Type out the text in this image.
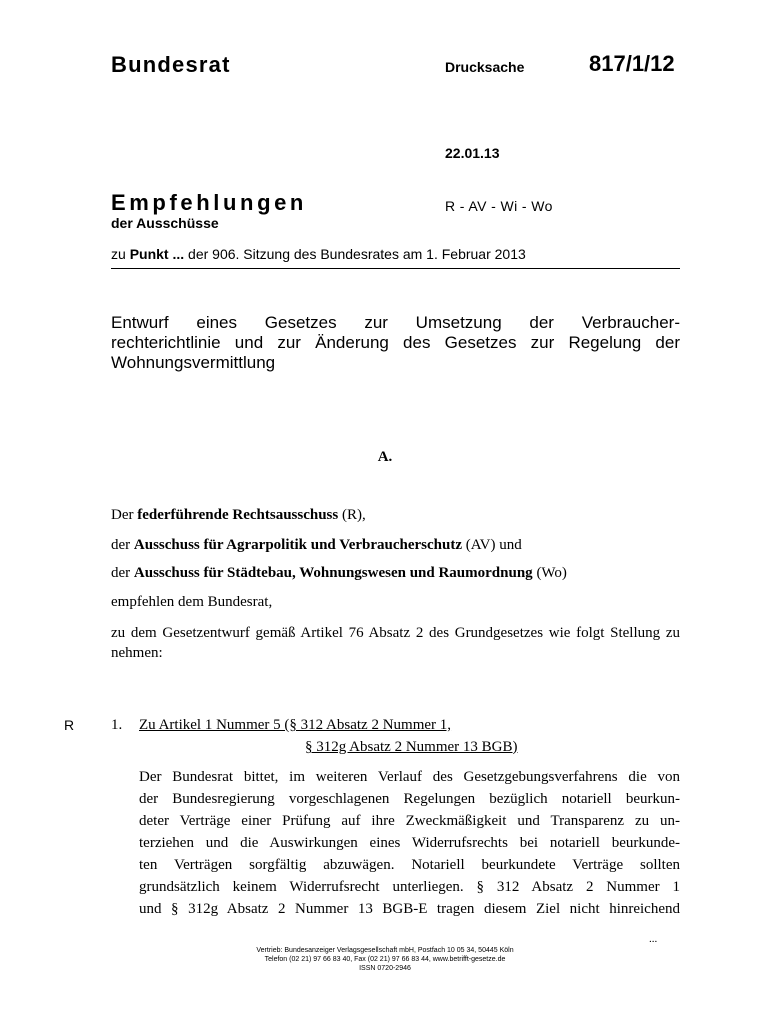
Bundesrat	Drucksache	817/1/12
22.01.13
Empfehlungen
der Ausschüsse
R - AV - Wi - Wo
zu Punkt ... der 906. Sitzung des Bundesrates am 1. Februar 2013
Entwurf eines Gesetzes zur Umsetzung der Verbraucher-
rechterichtlinie und zur Änderung des Gesetzes zur Regelung der
Wohnungsvermittlung
A.
Der federführende Rechtsausschuss (R),
der Ausschuss für Agrarpolitik und Verbraucherschutz (AV) und
der Ausschuss für Städtebau, Wohnungswesen und Raumordnung (Wo)
empfehlen dem Bundesrat,
zu dem Gesetzentwurf gemäß Artikel 76 Absatz 2 des Grundgesetzes wie folgt Stellung zu nehmen:
R 1. Zu Artikel 1 Nummer 5 (§ 312 Absatz 2 Nummer 1,
§ 312g Absatz 2 Nummer 13 BGB)
Der Bundesrat bittet, im weiteren Verlauf des Gesetzgebungsverfahrens die von
der Bundesregierung vorgeschlagenen Regelungen bezüglich notariell beurkun-
deter Verträge einer Prüfung auf ihre Zweckmäßigkeit und Transparenz zu un-
terziehen und die Auswirkungen eines Widerrufsrechts bei notariell beurkunde-
ten Verträgen sorgfältig abzuwägen. Notariell beurkundete Verträge sollten
grundsätzlich keinem Widerrufsrecht unterliegen. § 312 Absatz 2 Nummer 1
und § 312g Absatz 2 Nummer 13 BGB-E tragen diesem Ziel nicht hinreichend
...
Vertrieb: Bundesanzeiger Verlagsgesellschaft mbH, Postfach 10 05 34, 50445 Köln
Telefon (02 21) 97 66 83 40, Fax (02 21) 97 66 83 44, www.betrifft-gesetze.de
ISSN 0720-2946
